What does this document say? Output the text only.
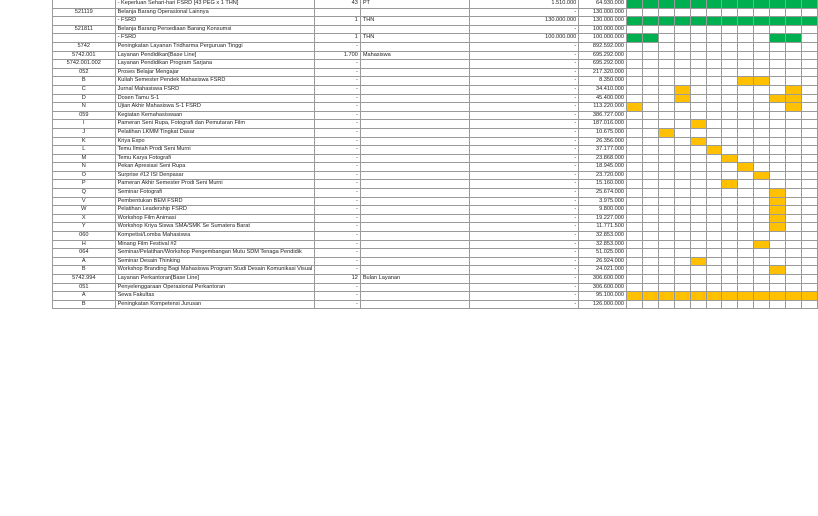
	- Keperluan Sehari-hari FSRD [43 PEG x 1 THN]	43	PT	1.510.000	64.930.000												
521119	Belanja Barang Operasional Lainnya			-	130.000.000												
	- FSRD	1	THN	130.000.000	130.000.000												
521811	Belanja Barang Persediaan Barang Konsumsi			-	100.000.000												
	- FSRD	1	THN	100.000.000	100.000.000												
5742	Peningkatan Layanan Tridharma Perguruan Tinggi	-		-	892.592.000												
5742.001	Layanan Pendidikan[Base Line]	1.700	Mahasiswa	-	695.292.000												
5742.001.002	Layanan Pendidikan Program Sarjana	-		-	695.292.000												
052	Proses Belajar Mengajar	-		-	217.320.000												
B	Kuliah Semester Pendek Mahasiswa FSRD	-		-	8.350.000												
C	Jurnal Mahasiswa FSRD	-		-	34.410.000												
D	Dosen Tamu S-1	-		-	45.400.000												
N	Ujian Akhir Mahasiswa S-1 FSRD	-		-	113.220.000												
059	Kegiatan Kemahasiswaan	-		-	386.727.000												
I	Pameran Seni Rupa, Fotografi dan Pemutaran Film	-		-	187.016.000												
J	Pelatihan LKMM Tingkat Dasar	-		-	10.675.000												
K	Kriya Expo	-		-	26.356.000												
L	Temu Ilmiah Prodi Seni Murni	-		-	37.177.000												
M	Temu Karya Fotografi	-		-	23.868.000												
N	Pekan Apresiasi Seni Rupa	-		-	18.945.000												
O	Surprise #12 ISI Denpasar	-		-	23.720.000												
P	Pameran Akhir Semester Prodi Seni Murni	-		-	15.160.000												
Q	Seminar Fotografi	-		-	25.674.000												
V	Pembentukan BEM FSRD	-		-	3.975.000												
W	Pelatihan Leadership FSRD	-		-	9.800.000												
X	Workshop Film Animasi	-		-	19.227.000												
Y	Workshop Kriya Siswa SMA/SMK Se Sumatera Barat	-		-	11.771.500												
060	Kompetisi/Lomba Mahasiswa	-		-	32.853.000												
H	Minang Film Festival #2	-		-	32.853.000												
064	Seminar/Pelatihan/Workshop Pengembangan Mutu SDM Tenaga Pendidik	-		-	51.025.000												
A	Seminar Desain Thinking	-		-	26.924.000												
B	Workshop Branding Bagi Mahasiswa Program Studi Desain Komunikasi Visual	-		-	24.021.000												
5742.994	Layanan Perkantoran[Base Line]	12	Bulan Layanan	-	306.600.000												
051	Penyelenggaraan Operasional Perkantoran	-		-	306.600.000												
A	Sewa Fakultas	-		-	95.100.000												
B	Peningkatan Kompetensi Jurusan	-		-	126.000.000												
